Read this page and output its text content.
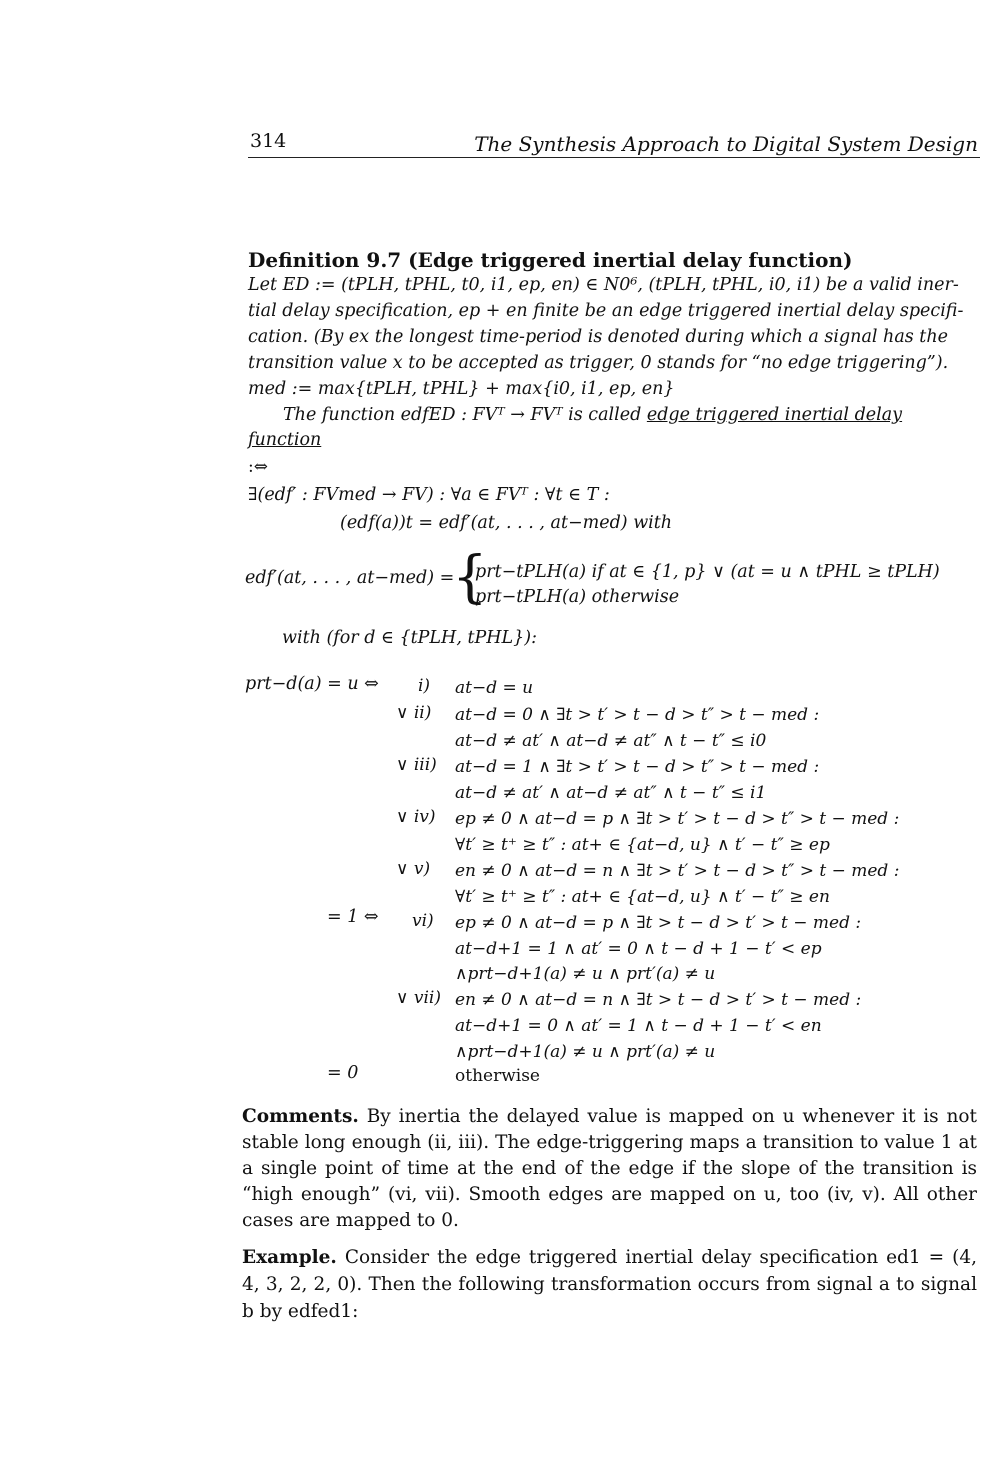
314	The Synthesis Approach to Digital System Design
Definition 9.7 (Edge triggered inertial delay function)
Let ED := (tPLH, tPHL, t0, i1, ep, en) ∈ N0⁶, (tPLH, tPHL, i0, i1) be a valid iner-
tial delay specification, ep + en finite be an edge triggered inertial delay specifi-
cation. (By ex the longest time-period is denoted during which a signal has the
transition value x to be accepted as trigger, 0 stands for “no edge triggering”).
med := max{tPLH, tPHL} + max{i0, i1, ep, en}
The function edfED : FVᵀ → FVᵀ is called edge triggered inertial delay
function
:⇔
∃(edf′ : FVmed → FV) : ∀a ∈ FVᵀ : ∀t ∈ T :
(edf(a))t = edf′(at, . . . , at−med) with
edf′(at, . . . , at−med) =
{
prt−tPLH(a) if at ∈ {1, p} ∨ (at = u ∧ tPHL ≥ tPLH)
prt−tPLH(a) otherwise
with (for d ∈ {tPLH, tPHL}):
prt−d(a) = u ⇔
= 1 ⇔
= 0
i)
∨ ii)
∨ iii)
∨ iv)
∨ v)
vi)
∨ vii)
at−d = u
at−d = 0 ∧ ∃t > t′ > t − d > t″ > t − med :
at−d ≠ at′ ∧ at−d ≠ at″ ∧ t − t″ ≤ i0
at−d = 1 ∧ ∃t > t′ > t − d > t″ > t − med :
at−d ≠ at′ ∧ at−d ≠ at″ ∧ t − t″ ≤ i1
ep ≠ 0 ∧ at−d = p ∧ ∃t > t′ > t − d > t″ > t − med :
∀t′ ≥ t⁺ ≥ t″ : at+ ∈ {at−d, u} ∧ t′ − t″ ≥ ep
en ≠ 0 ∧ at−d = n ∧ ∃t > t′ > t − d > t″ > t − med :
∀t′ ≥ t⁺ ≥ t″ : at+ ∈ {at−d, u} ∧ t′ − t″ ≥ en
ep ≠ 0 ∧ at−d = p ∧ ∃t > t − d > t′ > t − med :
at−d+1 = 1 ∧ at′ = 0 ∧ t − d + 1 − t′ < ep
∧prt−d+1(a) ≠ u ∧ prt′(a) ≠ u
en ≠ 0 ∧ at−d = n ∧ ∃t > t − d > t′ > t − med :
at−d+1 = 0 ∧ at′ = 1 ∧ t − d + 1 − t′ < en
∧prt−d+1(a) ≠ u ∧ prt′(a) ≠ u
otherwise
Comments. By inertia the delayed value is mapped on u whenever it is not stable long enough (ii, iii). The edge-triggering maps a transition to value 1 at a single point of time at the end of the edge if the slope of the transition is “high enough” (vi, vii). Smooth edges are mapped on u, too (iv, v). All other cases are mapped to 0.
Example. Consider the edge triggered inertial delay specification ed1 = (4, 4, 3, 2, 2, 0). Then the following transformation occurs from signal a to signal b by edfed1:
